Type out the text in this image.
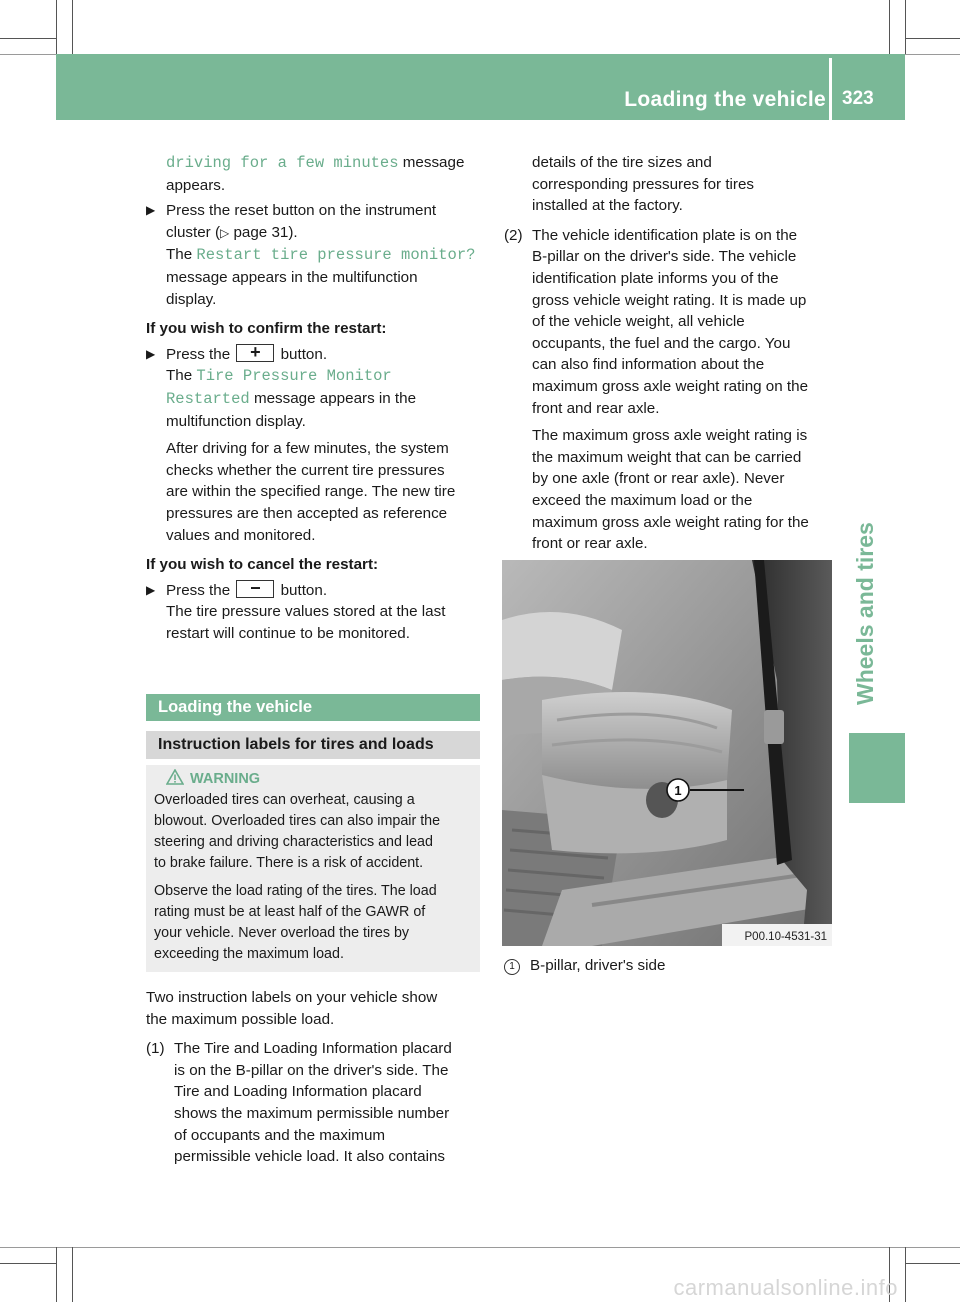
Loading the vehicle 323
Wheels and tires

driving for a few minutes message

appears.

▶ Press the reset button on the instrument

cluster (▷ page 31).

The Restart tire pressure monitor?

message appears in the multifunction

display.

If you wish to confirm the restart:

▶ Press the +	button.

The Tire Pressure Monitor

Restarted message appears in the

multifunction display.

After driving for a few minutes, the system

checks whether the current tire pressures

are within the specified range. The new tire

pressures are then accepted as reference

values and monitored.

If you wish to cancel the restart:

▶ Press the −	button.

The tire pressure values stored at the last

restart will continue to be monitored.

Loading the vehicle
Instruction labels for tires and loads
WARNING

Overloaded tires can overheat, causing a

blowout. Overloaded tires can also impair the

steering and driving characteristics and lead

to brake failure. There is a risk of accident.

Observe the load rating of the tires. The load

rating must be at least half of the GAWR of

your vehicle. Never overload the tires by

exceeding the maximum load.

Two instruction labels on your vehicle show

the maximum possible load.

(1) The Tire and Loading Information placard

is on the B-pillar on the driver's side. The

Tire and Loading Information placard

shows the maximum permissible number

of occupants and the maximum

permissible vehicle load. It also contains

details of the tire sizes and

corresponding pressures for tires

installed at the factory.

(2) The vehicle identification plate is on the

B-pillar on the driver's side. The vehicle

identification plate informs you of the

gross vehicle weight rating. It is made up

of the vehicle weight, all vehicle

occupants, the fuel and the cargo. You

can also find information about the

maximum gross axle weight rating on the

front and rear axle.

The maximum gross axle weight rating is

the maximum weight that can be carried

by one axle (front or rear axle). Never

exceed the maximum load or the

maximum gross axle weight rating for the

front or rear axle.

1
P00.10-4531-31
1 B-pillar, driver's side
carmanualsonline.info
